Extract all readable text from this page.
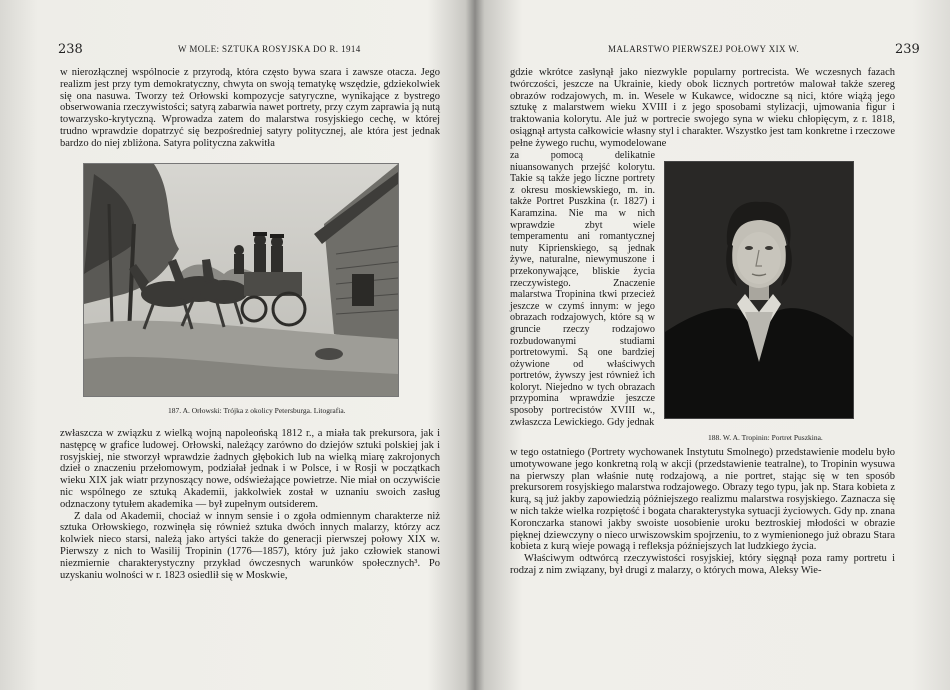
238	W MOLE: SZTUKA ROSYJSKA DO R. 1914

w nierozłącznej wspólnocie z przyrodą, która często bywa szara i zawsze otacza. Jego realizm jest przy tym demokratyczny, chwyta on swoją tematykę wszędzie, gdziekolwiek się ona nasuwa. Tworzy też Orłowski kompozycje satyryczne, wynikające z bystrego obserwowania rzeczywistości; satyrą zabarwia nawet portrety, przy czym zaprawia ją nutą towarzysko-krytyczną. Wprowadza zatem do malarstwa rosyjskiego cechę, w której trudno wprawdzie dopatrzyć się bezpośredniej satyry politycznej, ale która jest jednak bardzo do niej zbliżona. Satyra polityczna zakwitła

187. A. Orłowski: Trójka z okolicy Petersburga. Litografia.

zwłaszcza w związku z wielką wojną napoleońską 1812 r., a miała tak prekursora, jak i następcę w grafice ludowej. Orłowski, należący zarówno do dziejów sztuki polskiej jak i rosyjskiej, nie stworzył wprawdzie żadnych głębokich lub na wielką miarę zakrojonych dzieł o znaczeniu przełomowym, podziałał jednak i w Polsce, i w Rosji w początkach wieku XIX jak wiatr przynoszący nowe, odświeżające powietrze. Nie miał on oczywiście nic wspólnego ze sztuką Akademii, jakkolwiek został w uznaniu swoich zasług odznaczony tytułem akademika — był zupełnym outsiderem.

Z dala od Akademii, chociaż w innym sensie i o zgoła odmiennym charakterze niż sztuka Orłowskiego, rozwinęła się również sztuka dwóch innych malarzy, którzy acz kolwiek nieco starsi, należą jako artyści także do generacji pierwszej połowy XIX w. Pierwszy z nich to Wasilij Tropinin (1776—1857), który już jako człowiek stanowi niezmiernie charakterystyczny przykład ówczesnych warunków społecznych³. Po uzyskaniu wolności w r. 1823 osiedlił się w Moskwie,

MALARSTWO PIERWSZEJ POŁOWY XIX W.	239

gdzie wkrótce zasłynął jako niezwykle popularny portrecista. We wczesnych fazach twórczości, jeszcze na Ukrainie, kiedy obok licznych portretów malował także szereg obrazów rodzajowych, m. in. Wesele w Kukawce, widoczne są nici, które wiążą jego sztukę z malarstwem wieku XVIII i z jego sposobami stylizacji, ujmowania figur i traktowania kolorytu. Ale już w portrecie swojego syna w wieku chłopięcym, z r. 1818, osiągnął artysta całkowicie własny styl i charakter. Wszystko jest tam konkretne i rzeczowe pełne żywego ruchu, wymodelowane

za pomocą delikatnie niuansowanych przejść kolorytu. Takie są także jego liczne portrety z okresu moskiewskiego, m. in. także Portret Puszkina (r. 1827) i Karamzina. Nie ma w nich wprawdzie zbyt wiele temperamentu ani romantycznej nuty Kiprienskiego, są jednak żywe, naturalne, niewymuszone i przekonywające, bliskie życia rzeczywistego. Znaczenie malarstwa Tropinina tkwi przecież jeszcze w czymś innym: w jego obrazach rodzajowych, które są w gruncie rzeczy rodzajowo rozbudowanymi studiami portretowymi. Są one bardziej ożywione od właściwych portretów, żywszy jest również ich koloryt. Niejedno w tych obrazach przypomina wprawdzie jeszcze sposoby portrecistów XVIII w., zwłaszcza Lewickiego. Gdy jednak

188. W. A. Tropinin: Portret Puszkina.

w tego ostatniego (Portrety wychowanek Instytutu Smolnego) przedstawienie modelu było umotywowane jego konkretną rolą w akcji (przedstawienie teatralne), to Tropinin wysuwa na pierwszy plan właśnie nutę rodzajową, a nie portret, stając się w ten sposób prekursorem rosyjskiego malarstwa rodzajowego. Obrazy tego typu, jak np. Stara kobieta z kurą, są już jakby zapowiedzią późniejszego realizmu malarstwa rosyjskiego. Zaznacza się w nich także wielka rozpiętość i bogata charakterystyka sytuacji życiowych. Gdy np. znana Koronczarka stanowi jakby swoiste uosobienie uroku beztroskiej młodości w obrazie pięknej dziewczyny o nieco urwiszowskim spojrzeniu, to z wymienionego już obrazu Stara kobieta z kurą wieje powagą i refleksja późniejszych lat ludzkiego życia.

Właściwym odtwórcą rzeczywistości rosyjskiej, który sięgnął poza ramy portretu i rodzaj z nim związany, był drugi z malarzy, o których mowa, Aleksy Wie-
